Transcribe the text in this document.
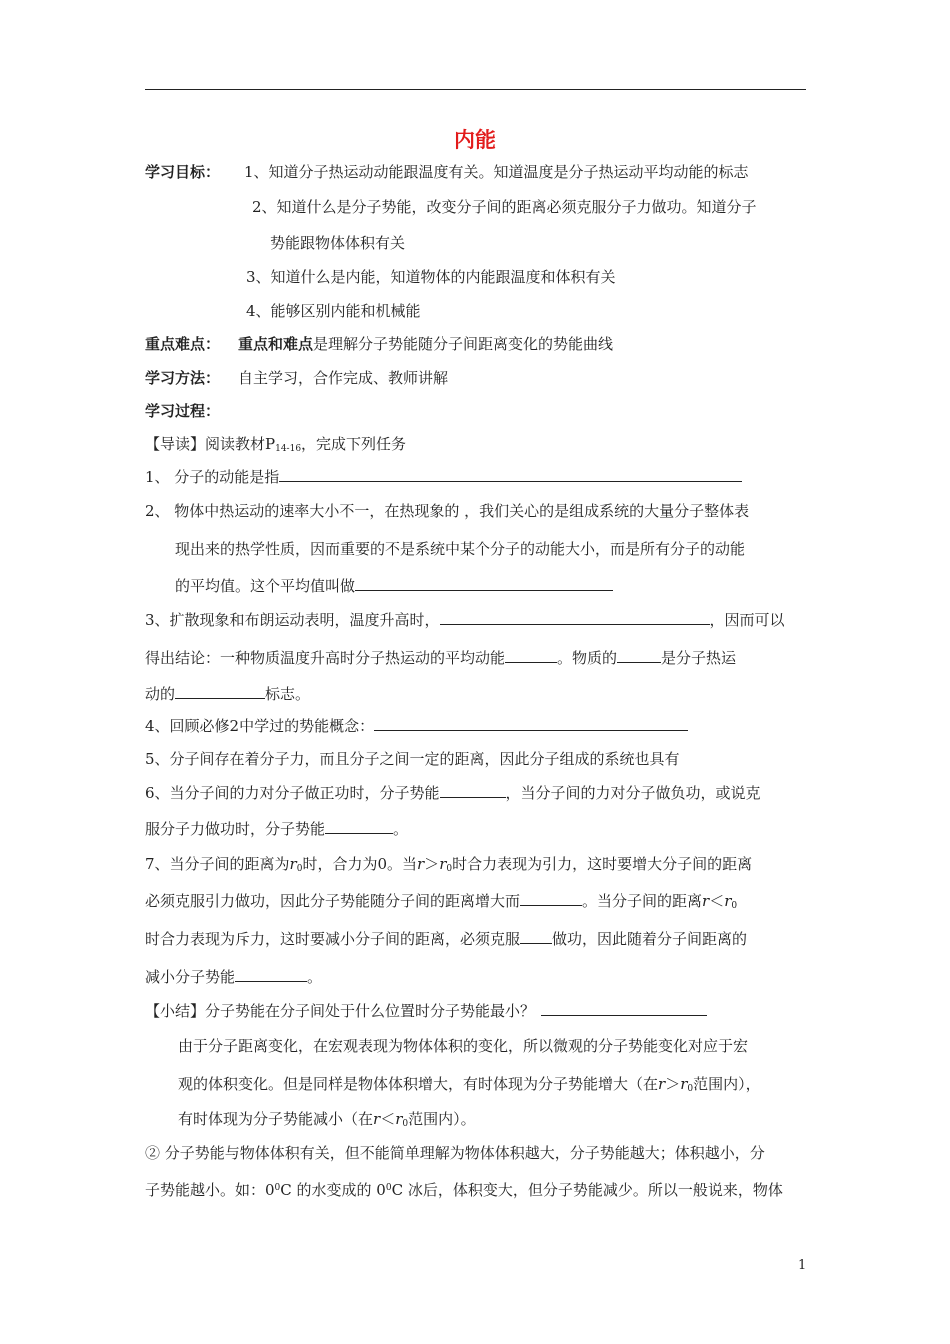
内能
学习目标： 1、知道分子热运动动能跟温度有关。知道温度是分子热运动平均动能的标志
2、知道什么是分子势能，改变分子间的距离必须克服分子力做功。知道分子
势能跟物体体积有关
3、知道什么是内能，知道物体的内能跟温度和体积有关
4、能够区别内能和机械能
重点难点： 重点和难点是理解分子势能随分子间距离变化的势能曲线
学习方法： 自主学习，合作完成、教师讲解
学习过程：
【导读】阅读教材$P_{14-16}$，完成下列任务
1、 分子的动能是指
2、 物体中热运动的速率大小不一，在热现象的 ，我们关心的是组成系统的大量分子整体表
现出来的热学性质，因而重要的不是系统中某个分子的动能大小，而是所有分子的动能
的平均值。这个平均值叫做
3、扩散现象和布朗运动表明，温度升高时，	，因而可以
得出结论：一种物质温度升高时分子热运动的平均动能	。物质的	是分子热运
动的	标志。
4、回顾必修2中学过的势能概念：
5、分子间存在着分子力，而且分子之间一定的距离，因此分子组成的系统也具有
6、当分子间的力对分子做正功时，分子势能	，当分子间的力对分子做负功，或说克
服分子力做功时，分子势能	。
7、当分子间的距离为$r_0$时，合力为0。当$r>r_0$时合力表现为引力，这时要增大分子间的距离
必须克服引力做功，因此分子势能随分子间的距离增大而	。当分子间的距离$r<r_0$
时合力表现为斥力，这时要减小分子间的距离，必须克服 做功，因此随着分子间距离的
减小分子势能	。
【小结】分子势能在分子间处于什么位置时分子势能最小？
由于分子距离变化，在宏观表现为物体体积的变化，所以微观的分子势能变化对应于宏
观的体积变化。但是同样是物体体积增大，有时体现为分子势能增大（在$r>r_0$范围内），
有时体现为分子势能减小（在$r<r_0$范围内）。
② 分子势能与物体体积有关，但不能简单理解为物体体积越大，分子势能越大；体积越小，分
子势能越小。如：$0^0C$ 的水变成的 $0^0C$ 冰后，体积变大，但分子势能减少。所以一般说来，物体
1
